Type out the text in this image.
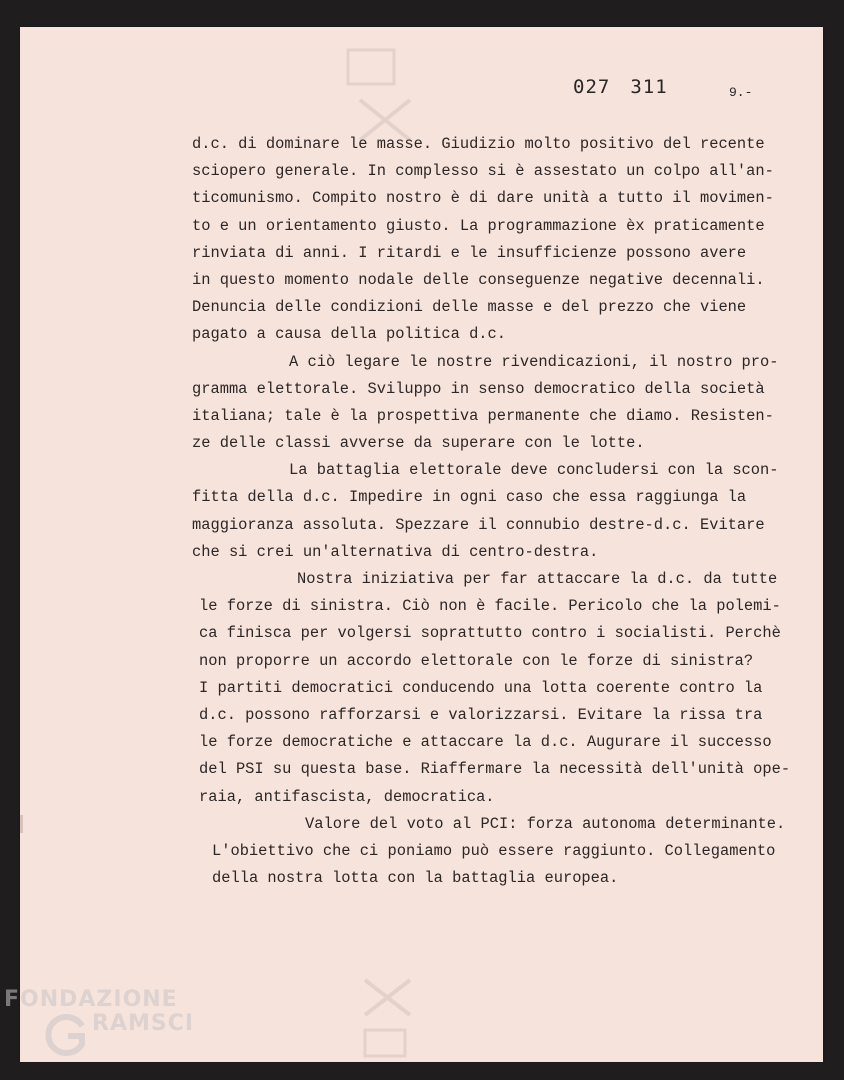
027 311	9.-
d.c. di dominare le masse. Giudizio molto positivo del recente
sciopero generale. In complesso si è assestato un colpo all'an-
ticomunismo. Compito nostro è di dare unità a tutto il movimen-
to e un orientamento giusto. La programmazione èx praticamente
rinviata di anni. I ritardi e le insufficienze possono avere
in questo momento nodale delle conseguenze negative decennali.
Denuncia delle condizioni delle masse e del prezzo che viene
pagato a causa della politica d.c.
A ciò legare le nostre rivendicazioni, il nostro pro-
gramma elettorale. Sviluppo in senso democratico della società
italiana; tale è la prospettiva permanente che diamo. Resisten-
ze delle classi avverse da superare con le lotte.
La battaglia elettorale deve concludersi con la scon-
fitta della d.c. Impedire in ogni caso che essa raggiunga la
maggioranza assoluta. Spezzare il connubio destre-d.c. Evitare
che si crei un'alternativa di centro-destra.
Nostra iniziativa per far attaccare la d.c. da tutte
le forze di sinistra. Ciò non è facile. Pericolo che la polemi-
ca finisca per volgersi soprattutto contro i socialisti. Perchè
non proporre un accordo elettorale con le forze di sinistra?
I partiti democratici conducendo una lotta coerente contro la
d.c. possono rafforzarsi e valorizzarsi. Evitare la rissa tra
le forze democratiche e attaccare la d.c. Augurare il successo
del PSI su questa base. Riaffermare la necessità dell'unità ope-
raia, antifascista, democratica.
Valore del voto al PCI: forza autonoma determinante.
L'obiettivo che ci poniamo può essere raggiunto. Collegamento
della nostra lotta con la battaglia europea.
FONDAZIONE
RAMSCI
